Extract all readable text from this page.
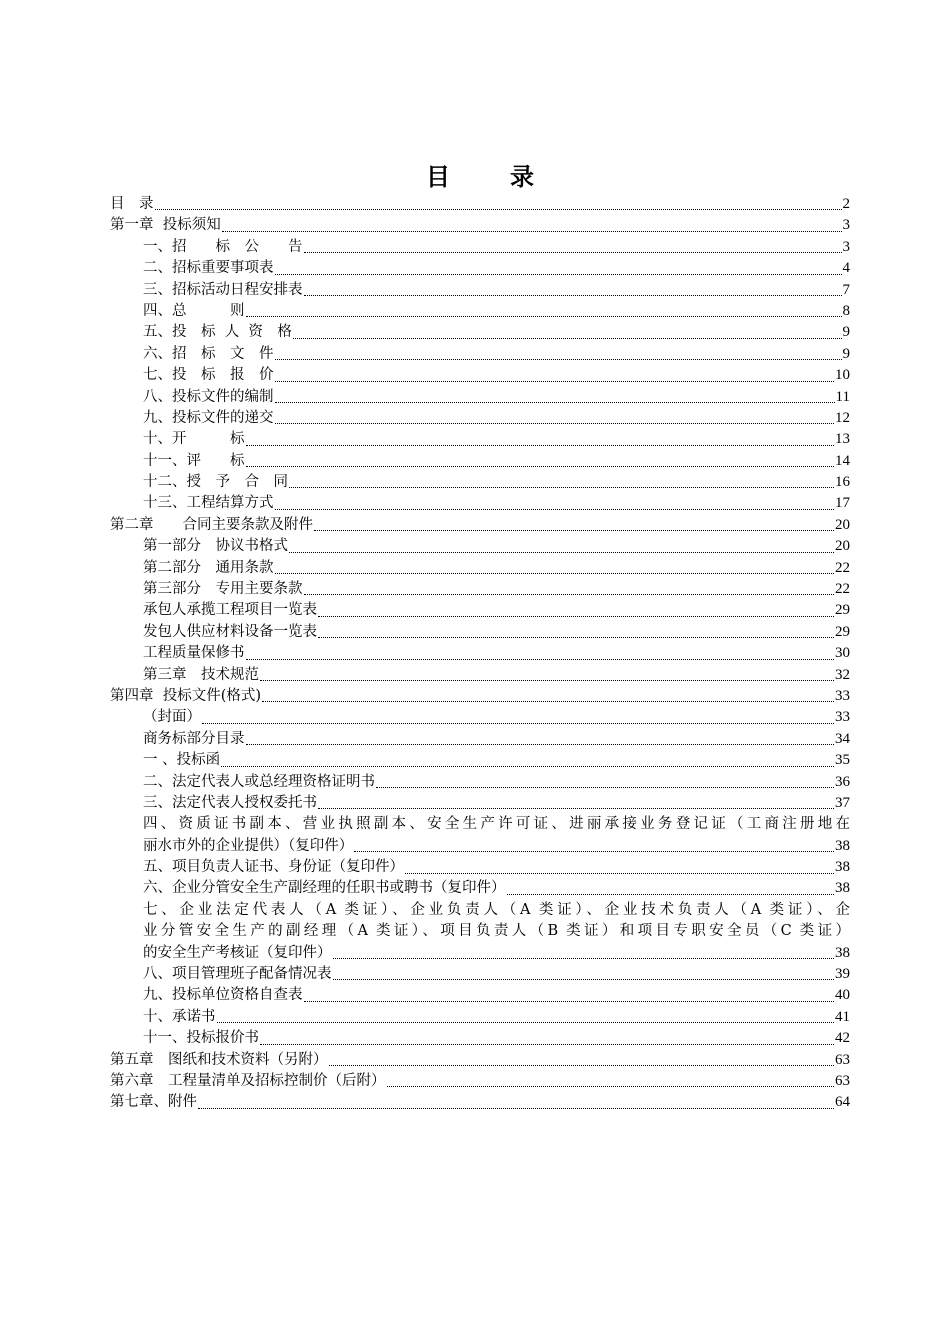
目　录
目　录	2
第一章  投标须知	3
一、招　　标　公　　告	3
二、招标重要事项表	4
三、招标活动日程安排表	7
四、总　　　则	8
五、投　标  人  资　格	9
六、招　标　文　件	9
七、投　标　报　价	10
八、投标文件的编制	11
九、投标文件的递交	12
十、开　　　标	13
十一、评　　标	14
十二、授　予　合　同	16
十三、工程结算方式	17
第二章　　合同主要条款及附件	20
第一部分　协议书格式	20
第二部分　通用条款	22
第三部分　专用主要条款	22
承包人承揽工程项目一览表	29
发包人供应材料设备一览表	29
工程质量保修书	30
第三章　技术规范	32
第四章  投标文件(格式)	33
（封面）	33
商务标部分目录	34
一 、投标函	35
二、法定代表人或总经理资格证明书	36
三、法定代表人授权委托书	37
四、资质证书副本、营业执照副本、安全生产许可证、进丽承接业务登记证（工商注册地在
丽水市外的企业提供）（复印件）	38
五、项目负责人证书、身份证（复印件）	38
六、企业分管安全生产副经理的任职书或聘书（复印件）	38
七、企业法定代表人（A 类证）、企业负责人（A 类证）、企业技术负责人（A 类证）、企
业分管安全生产的副经理（A 类证）、项目负责人（B 类证）和项目专职安全员（C 类证）
的安全生产考核证（复印件）	38
八、项目管理班子配备情况表	39
九、投标单位资格自查表	40
十、承诺书	41
十一、投标报价书	42
第五章　图纸和技术资料（另附）	63
第六章　工程量清单及招标控制价（后附）	63
第七章、附件	64
